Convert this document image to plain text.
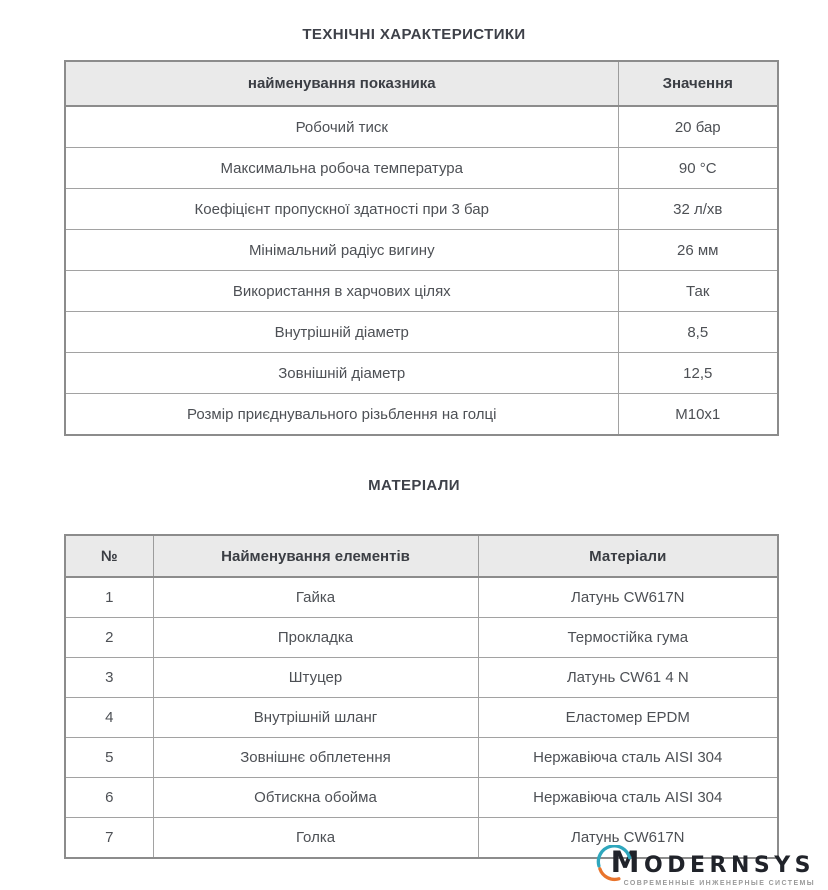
ТЕХНІЧНІ ХАРАКТЕРИСТИКИ
найменування показника	Значення
Робочий тиск	20 бар
Максимальна робоча температура	90 °С
Коефіцієнт пропускної здатності при 3 бар	32 л/хв
Мінімальний радіус вигину	26 мм
Використання в харчових цілях	Так
Внутрішній діаметр	8,5
Зовнішній діаметр	12,5
Розмір приєднувального різьблення на голці	М10х1
МАТЕРІАЛИ
№	Найменування елементів	Матеріали
1	Гайка	Латунь CW617N
2	Прокладка	Термостійка гума
3	Штуцер	Латунь CW61 4 N
4	Внутрішній шланг	Еластомер EPDM
5	Зовнішнє обплетення	Нержавіюча сталь AISI 304
6	Обтискна обойма	Нержавіюча сталь AISI 304
7	Голка	Латунь CW617N
MODERNSYS
СОВРЕМЕННЫЕ ИНЖЕНЕРНЫЕ СИСТЕМЫ
